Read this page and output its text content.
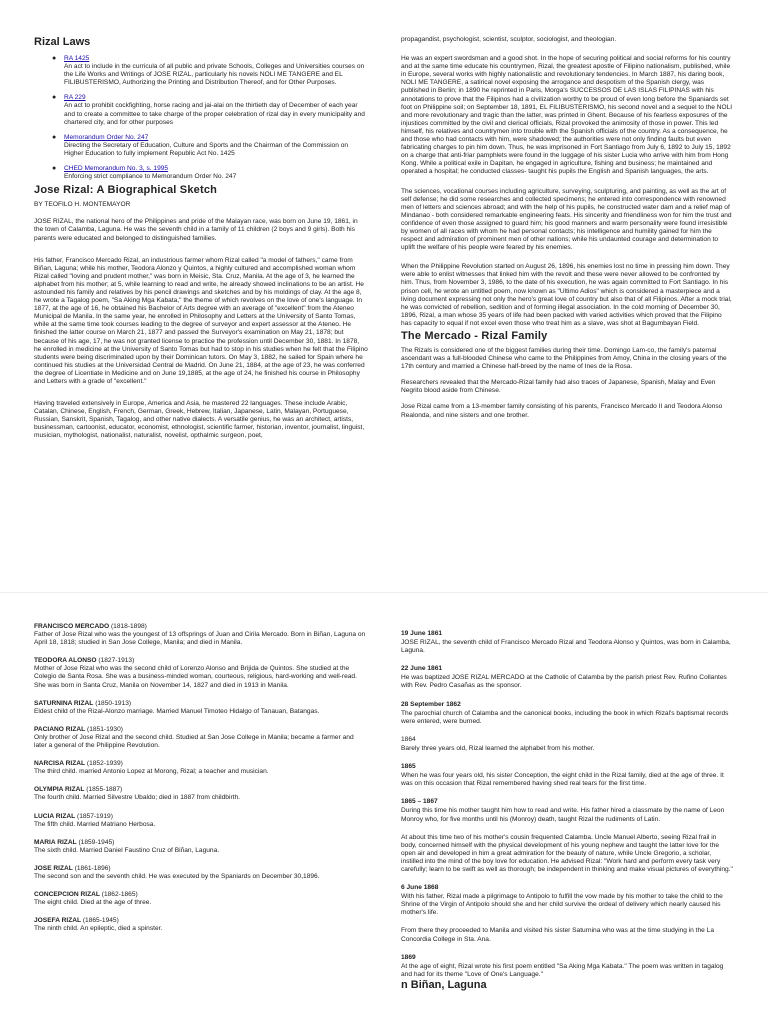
Rizal Laws
● RA 1425
An act to include in the curricula of all public and private Schools, Colleges and Universities courses on the Life Works and Writings of JOSE RIZAL, particularly his novels NOLI ME TANGERE and EL FILIBUSTERISMO, Authorizing the Printing and Distribution Thereof, and for Other Purposes.
● RA 229
An act to prohibit cockfighting, horse racing and jai-alai on the thirtieth day of December of each year and to create a committee to take charge of the proper celebration of rizal day in every municipality and chartered city, and for other purposes
● Memorandum Order No. 247
Directing the Secretary of Education, Culture and Sports and the Chairman of the Commission on Higher Education to fully implement Republic Act No. 1425
● CHED Memorandum No. 3, s. 1995
Enforcing strict compliance to Memorandum Order No. 247
Jose Rizal: A Biographical Sketch
BY TEOFILO H. MONTEMAYOR

JOSE RIZAL, the national hero of the Philippines and pride of the Malayan race, was born on June 19, 1861, in the town of Calamba, Laguna. He was the seventh child in a family of 11 children (2 boys and 9 girls). Both his parents were educated and belonged to distinguished families.

His father, Francisco Mercado Rizal, an industrious farmer whom Rizal called "a model of fathers," came from Biñan, Laguna; while his mother, Teodora Alonzo y Quintos, a highly cultured and accomplished woman whom Rizal called "loving and prudent mother," was born in Meisic, Sta. Cruz, Manila. At the age of 3, he learned the alphabet from his mother; at 5, while learning to read and write, he already showed inclinations to be an artist. He astounded his family and relatives by his pencil drawings and sketches and by his moldings of clay. At the age 8, he wrote a Tagalog poem, "Sa Aking Mga Kabata," the theme of which revolves on the love of one's language. In 1877, at the age of 16, he obtained his Bachelor of Arts degree with an average of "excellent" from the Ateneo Municipal de Manila. In the same year, he enrolled in Philosophy and Letters at the University of Santo Tomas, while at the same time took courses leading to the degree of surveyor and expert assessor at the Ateneo. He finished the latter course on March 21, 1877 and passed the Surveyor's examination on May 21, 1878; but because of his age, 17, he was not granted license to practice the profession until December 30, 1881. In 1878, he enrolled in medicine at the University of Santo Tomas but had to stop in his studies when he felt that the Filipino students were being discriminated upon by their Dominican tutors. On May 3, 1882, he sailed for Spain where he continued his studies at the Universidad Central de Madrid. On June 21, 1884, at the age of 23, he was conferred the degree of Licentiate in Medicine and on June 19,1885, at the age of 24, he finished his course in Philosophy and Letters with a grade of "excellent."

Having traveled extensively in Europe, America and Asia, he mastered 22 languages. These include Arabic, Catalan, Chinese, English, French, German, Greek, Hebrew, Italian, Japanese, Latin, Malayan, Portuguese, Russian, Sanskrit, Spanish, Tagalog, and other native dialects. A versatile genius, he was an architect, artists, businessman, cartoonist, educator, economist, ethnologist, scientific farmer, historian, inventor, journalist, linguist, musician, mythologist, nationalist, naturalist, novelist, opthalmic surgeon, poet,

propagandist, psychologist, scientist, sculptor, sociologist, and theologian.

He was an expert swordsman and a good shot. In the hope of securing political and social reforms for his country and at the same time educate his countrymen, Rizal, the greatest apostle of Filipino nationalism, published, while in Europe, several works with highly nationalistic and revolutionary tendencies. In March 1887, his daring book, NOLI ME TANGERE, a satirical novel exposing the arrogance and despotism of the Spanish clergy, was published in Berlin; in 1890 he reprinted in Paris, Morga's SUCCESSOS DE LAS ISLAS FILIPINAS with his annotations to prove that the Filipinos had a civilization worthy to be proud of even long before the Spaniards set foot on Philippine soil; on September 18, 1891, EL FILIBUSTERISMO, his second novel and a sequel to the NOLI and more revolutionary and tragic than the latter, was printed in Ghent. Because of his fearless exposures of the injustices committed by the civil and clerical officials, Rizal provoked the animosity of those in power. This led himself, his relatives and countrymen into trouble with the Spanish officials of the country. As a consequence, he and those who had contacts with him, were shadowed; the authorities were not only finding faults but even fabricating charges to pin him down. Thus, he was imprisoned in Fort Santiago from July 6, 1892 to July 15, 1892 on a charge that anti-friar pamphlets were found in the luggage of his sister Lucia who arrive with him from Hong Kong. While a political exile in Dapitan, he engaged in agriculture, fishing and business; he maintained and operated a hospital; he conducted classes- taught his pupils the English and Spanish languages, the arts.

The sciences, vocational courses including agriculture, surveying, sculpturing, and painting, as well as the art of self defense; he did some researches and collected specimens; he entered into correspondence with renowned men of letters and sciences abroad; and with the help of his pupils, he constructed water dam and a relief map of Mindanao - both considered remarkable engineering feats. His sincerity and friendliness won for him the trust and confidence of even those assigned to guard him; his good manners and warm personality were found irresistible by women of all races with whom he had personal contacts; his intelligence and humility gained for him the respect and admiration of prominent men of other nations; while his undaunted courage and determination to uplift the welfare of his people were feared by his enemies.

When the Philippine Revolution started on August 26, 1896, his enemies lost no time in pressing him down. They were able to enlist witnesses that linked him with the revolt and these were never allowed to be confronted by him. Thus, from November 3, 1986, to the date of his execution, he was again committed to Fort Santiago. In his prison cell, he wrote an untitled poem, now known as "Ultimo Adios" which is considered a masterpiece and a living document expressing not only the hero's great love of country but also that of all Filipinos. After a mock trial, he was convicted of rebellion, sedition and of forming illegal association. In the cold morning of December 30, 1896, Rizal, a man whose 35 years of life had been packed with varied activities which proved that the Filipino has capacity to equal if not excel even those who treat him as a slave, was shot at Bagumbayan Field.

The Mercado - Rizal Family

The Rizals is considered one of the biggest families during their time. Domingo Lam-co, the family's paternal ascendant was a full-blooded Chinese who came to the Philippines from Amoy, China in the closing years of the 17th century and married a Chinese half-breed by the name of Ines de la Rosa.

Researchers revealed that the Mercado-Rizal family had also traces of Japanese, Spanish, Malay and Even Negrito blood aside from Chinese.

Jose Rizal came from a 13-member family consisting of his parents, Francisco Mercado II and Teodora Alonso Realonda, and nine sisters and one brother.

FRANCISCO MERCADO (1818-1898)
Father of Jose Rizal who was the youngest of 13 offsprings of Juan and Cirila Mercado. Born in Biñan, Laguna on April 18, 1818; studied in San Jose College, Manila; and died in Manila.
TEODORA ALONSO (1827-1913)
Mother of Jose Rizal who was the second child of Lorenzo Alonso and Brijida de Quintos. She studied at the Colegio de Santa Rosa. She was a business-minded woman, courteous, religious, hard-working and well-read. She was born in Santa Cruz, Manila on November 14, 1827 and died in 1913 in Manila.
SATURNINA RIZAL (1850-1913)
Eldest child of the Rizal-Alonzo marriage. Married Manuel Timoteo Hidalgo of Tanauan, Batangas.
PACIANO RIZAL (1851-1930)
Only brother of Jose Rizal and the second child. Studied at San Jose College in Manila; became a farmer and later a general of the Philippine Revolution.
NARCISA RIZAL (1852-1939)
The third child. married Antonio Lopez at Morong, Rizal; a teacher and musician.
OLYMPIA RIZAL (1855-1887)
The fourth child. Married Silvestre Ubaldo; died in 1887 from childbirth.
LUCIA RIZAL (1857-1919)
The fifth child. Married Matriano Herbosa.
MARIA RIZAL (1859-1945)
The sixth child. Married Daniel Faustino Cruz of Biñan, Laguna.
JOSE RIZAL (1861-1896)
The second son and the seventh child. He was executed by the Spaniards on December 30,1896.
CONCEPCION RIZAL (1862-1865)
The eight child. Died at the age of three.
JOSEFA RIZAL (1865-1945)
The ninth child. An epileptic, died a spinster.
19 June 1861
JOSE RIZAL, the seventh child of Francisco Mercado Rizal and Teodora Alonso y Quintos, was born in Calamba, Laguna.
22 June 1861
He was baptized JOSE RIZAL MERCADO at the Catholic of Calamba by the parish priest Rev. Rufino Collantes with Rev. Pedro Casañas as the sponsor.
28 September 1862
The parochial church of Calamba and the canonical books, including the book in which Rizal's baptismal records were entered, were burned.
1864
Barely three years old, Rizal learned the alphabet from his mother.
1865
When he was four years old, his sister Conception, the eight child in the Rizal family, died at the age of three. It was on this occasion that Rizal remembered having shed real tears for the first time.
1865 – 1867
During this time his mother taught him how to read and write. His father hired a classmate by the name of Leon Monroy who, for five months until his (Monroy) death, taught Rizal the rudiments of Latin.
At about this time two of his mother's cousin frequented Calamba. Uncle Manuel Alberto, seeing Rizal frail in body, concerned himself with the physical development of his young nephew and taught the latter love for the open air and developed in him a great admiration for the beauty of nature, while Uncle Gregorio, a scholar, instilled into the mind of the boy love for education. He advised Rizal: "Work hard and perform every task very carefully; learn to be swift as well as thorough; be independent in thinking and make visual pictures of everything."
6 June 1868
With his father, Rizal made a pilgrimage to Antipolo to fulfill the vow made by his mother to take the child to the Shrine of the Virgin of Antipolo should she and her child survive the ordeal of delivery which nearly caused his mother's life.
From there they proceeded to Manila and visited his sister Saturnina who was at the time studying in the La Concordia College in Sta. Ana.
1869
At the age of eight, Rizal wrote his first poem entitled "Sa Aking Mga Kabata." The poem was written in tagalog and had for its theme "Love of One's Language."
n Biñan, Laguna
